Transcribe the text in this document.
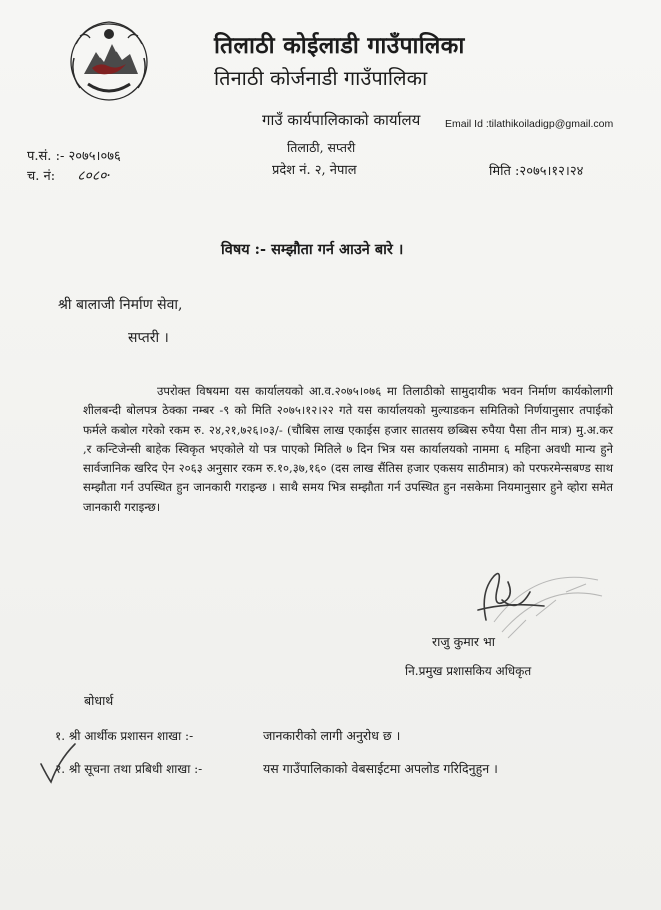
तिलाठी कोईलाडी गाउँपालिका
तिनाठी कोर्जनाडी गाउँपालिका
गाउँ कार्यपालिकाको कार्यालय Email Id :tilathikoiladigp@gmail.com
प.सं. :- २०७५।०७६
च. नं: ८०८०·
तिलाठी, सप्तरी
प्रदेश नं. २, नेपाल	मिति :२०७५।१२।२४
विषय :- सम्झौता गर्न आउने बारे ।
श्री बालाजी निर्माण सेवा,
सप्तरी ।
उपरोक्त विषयमा यस कार्यालयको आ.व.२०७५।०७६ मा तिलाठीको सामुदायीक भवन निर्माण कार्यकोलागी शीलबन्दी बोलपत्र ठेक्का नम्बर -९ को मिति २०७५।१२।२२ गते यस कार्यालयको मुल्याडकन समितिको निर्णयानुसार तपाईको फर्मले कबोल गरेको रकम रु. २४,२१,७२६।०३/- (चौबिस लाख एकाईस हजार सातसय छब्बिस रुपैया पैसा तीन मात्र) मु.अ.कर ,र कन्टिजेन्सी बाहेक स्विकृत भएकोले यो पत्र पाएको मितिले ७ दिन भित्र यस कार्यालयको नाममा ६ महिना अवधी मान्य हुने सार्वजानिक खरिद ऐन २०६३ अनुसार रकम रु.१०,३७,१६० (दस लाख सैंतिस हजार एकसय साठीमात्र) को परफरमेन्सबण्ड साथ सम्झौता गर्न उपस्थित हुन जानकारी गराइन्छ । साथै समय भित्र सम्झौता गर्न उपस्थित हुन नसकेमा नियमानुसार हुने व्होरा समेत जानकारी गराइन्छ।
राजु कुमार भा
नि.प्रमुख प्रशासकिय अधिकृत
बोधार्थ
१. श्री आर्थीक प्रशासन शाखा :-	जानकारीको लागी अनुरोध छ ।
२. श्री सूचना तथा प्रबिधी शाखा :-	यस गाउँपालिकाको वेबसाईटमा अपलोड गरिदिनुहुन ।
